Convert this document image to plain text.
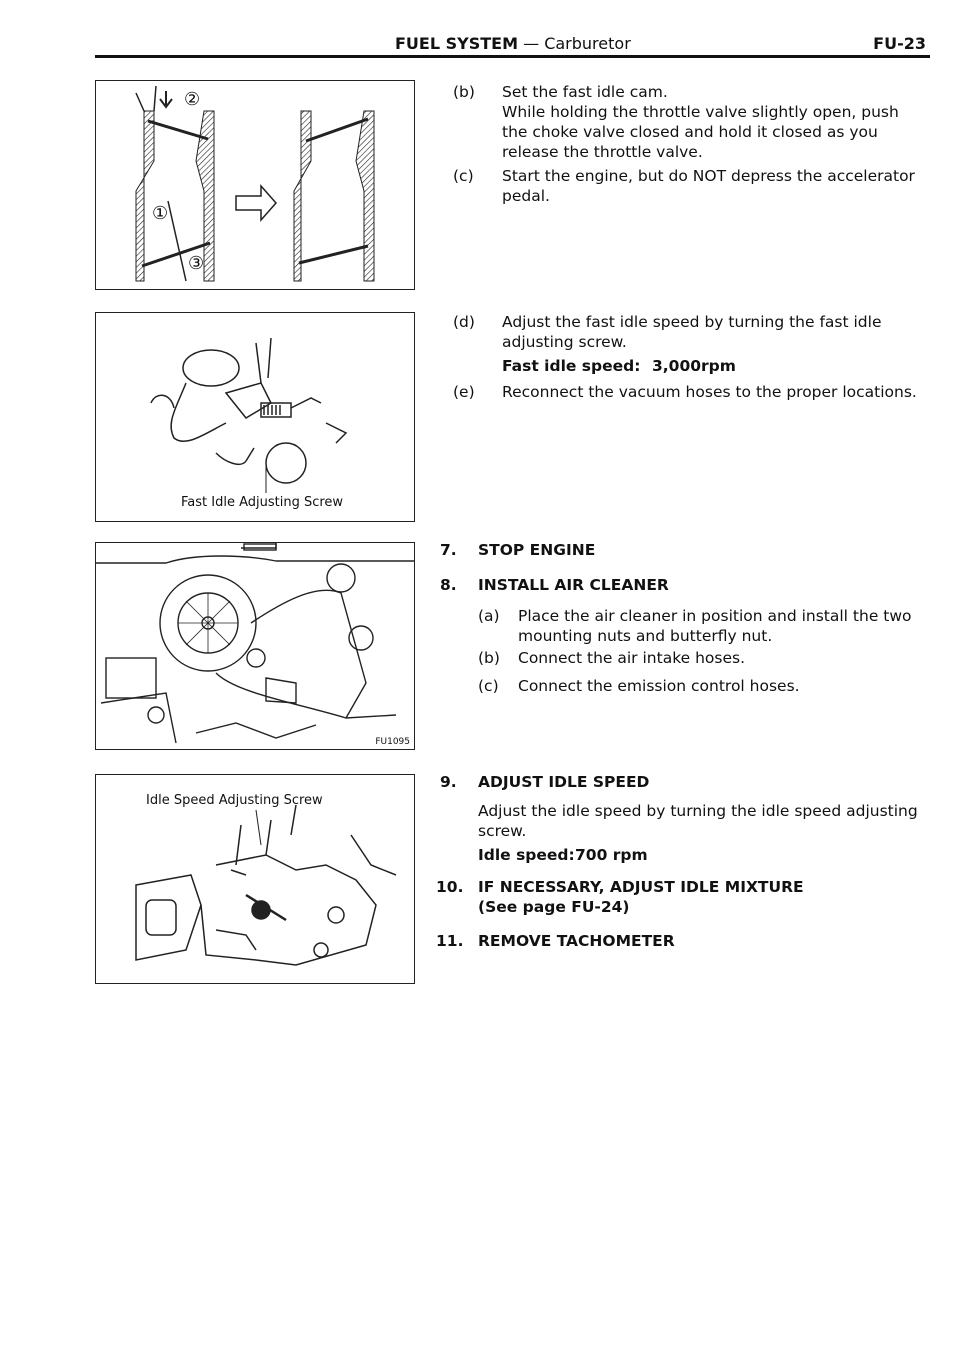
FUEL SYSTEM — Carburetor	FU-23
②
①
③
Fast Idle Adjusting Screw
FU1095
Idle Speed Adjusting Screw
(b) Set the fast idle cam.
While holding the throttle valve slightly open, push
the choke valve closed and hold it closed as you
release the throttle valve.
(c) Start the engine, but do NOT depress the accelerator
pedal.
(d) Adjust the fast idle speed by turning the fast idle
adjusting screw.
Fast idle speed: 3,000rpm
(e) Reconnect the vacuum hoses to the proper locations.
7. STOP ENGINE
8. INSTALL AIR CLEANER
(a) Place the air cleaner in position and install the two
mounting nuts and butterfly nut.
(b) Connect the air intake hoses.
(c) Connect the emission control hoses.
9. ADJUST IDLE SPEED
Adjust the idle speed by turning the idle speed adjusting
screw.
Idle speed: 700 rpm
10. IF NECESSARY, ADJUST IDLE MIXTURE
(See page FU-24)
11. REMOVE TACHOMETER
